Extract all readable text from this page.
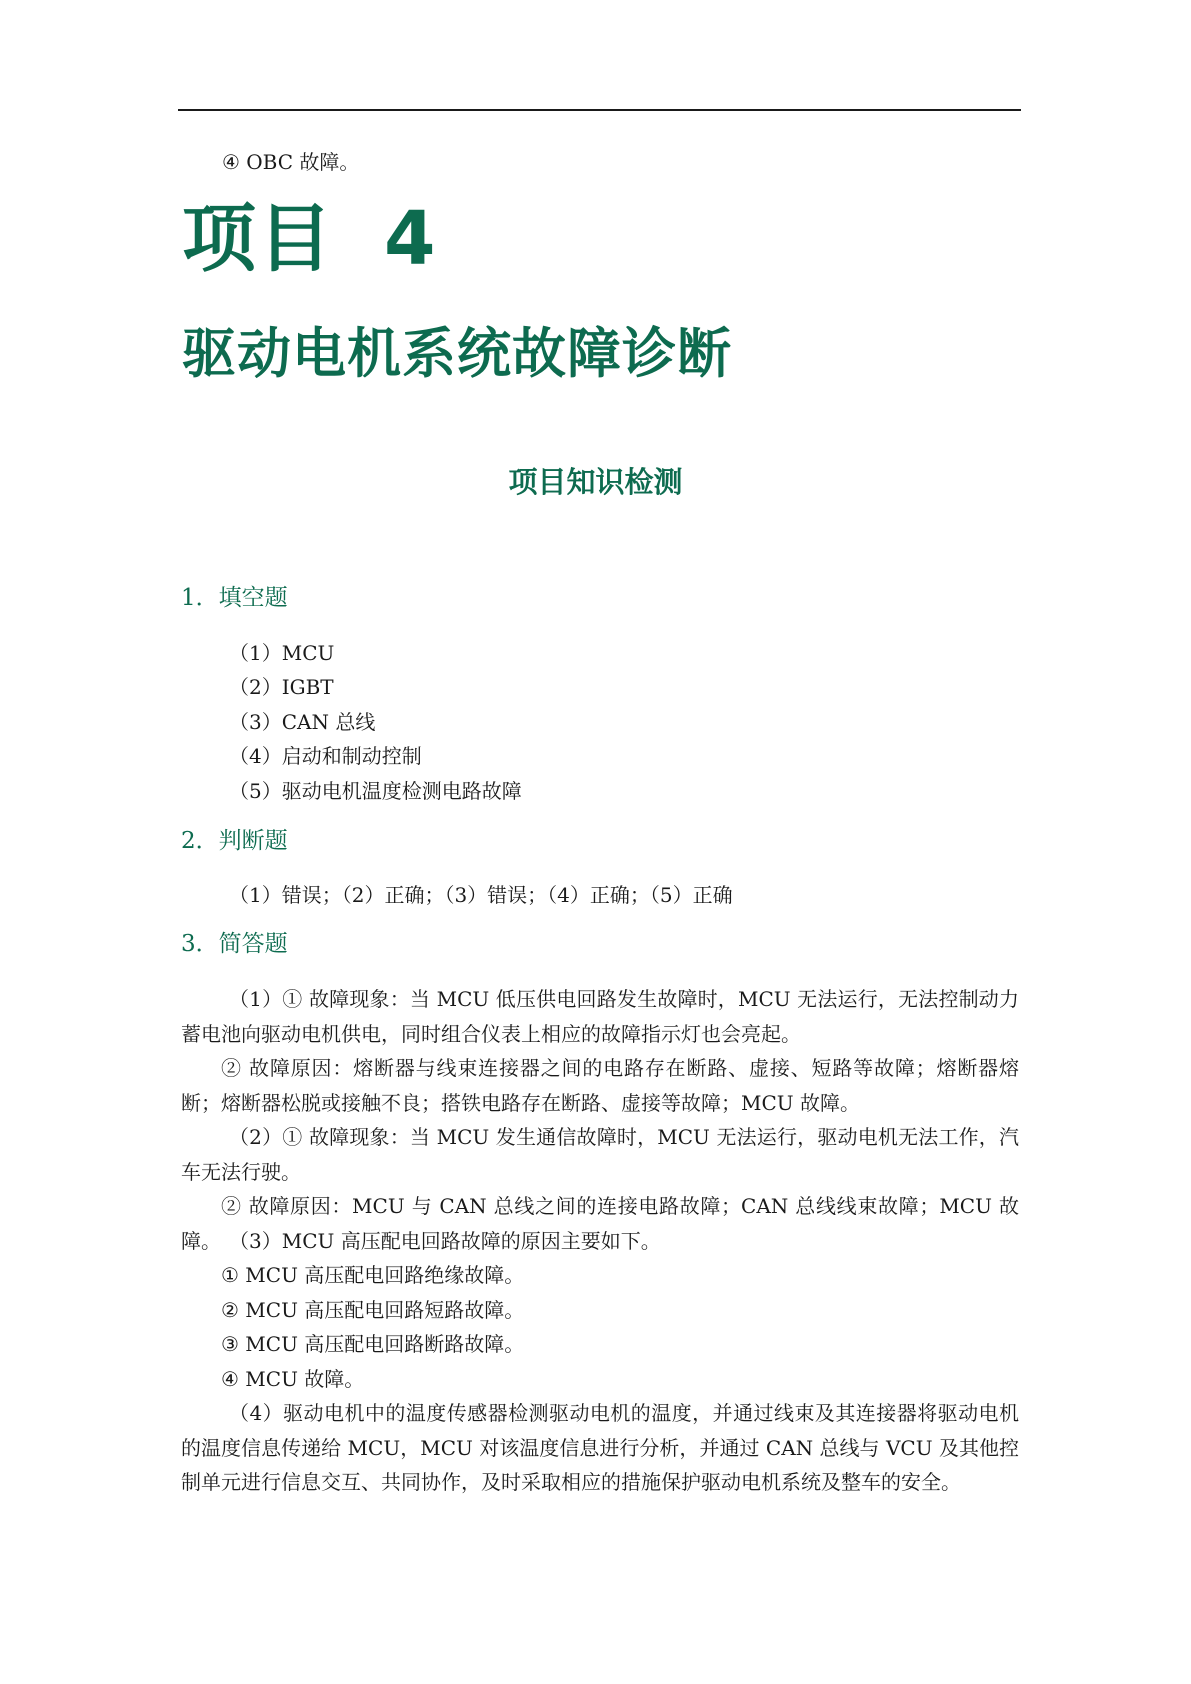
④ OBC 故障。
项目 4
驱动电机系统故障诊断
项目知识检测
1．填空题
（1）MCU
（2）IGBT
（3）CAN 总线
（4）启动和制动控制
（5）驱动电机温度检测电路故障
2．判断题
（1）错误；（2）正确；（3）错误；（4）正确；（5）正确
3．简答题
（1）① 故障现象：当 MCU 低压供电回路发生故障时，MCU 无法运行，无法控制动力蓄电池向驱动电机供电，同时组合仪表上相应的故障指示灯也会亮起。
② 故障原因：熔断器与线束连接器之间的电路存在断路、虚接、短路等故障；熔断器熔断；熔断器松脱或接触不良；搭铁电路存在断路、虚接等故障；MCU 故障。
（2）① 故障现象：当 MCU 发生通信故障时，MCU 无法运行，驱动电机无法工作，汽车无法行驶。
② 故障原因：MCU 与 CAN 总线之间的连接电路故障；CAN 总线线束故障；MCU 故障。 （3）MCU 高压配电回路故障的原因主要如下。
① MCU 高压配电回路绝缘故障。
② MCU 高压配电回路短路故障。
③ MCU 高压配电回路断路故障。
④ MCU 故障。
（4）驱动电机中的温度传感器检测驱动电机的温度，并通过线束及其连接器将驱动电机的温度信息传递给 MCU，MCU 对该温度信息进行分析，并通过 CAN 总线与 VCU 及其他控制单元进行信息交互、共同协作，及时采取相应的措施保护驱动电机系统及整车的安全。
